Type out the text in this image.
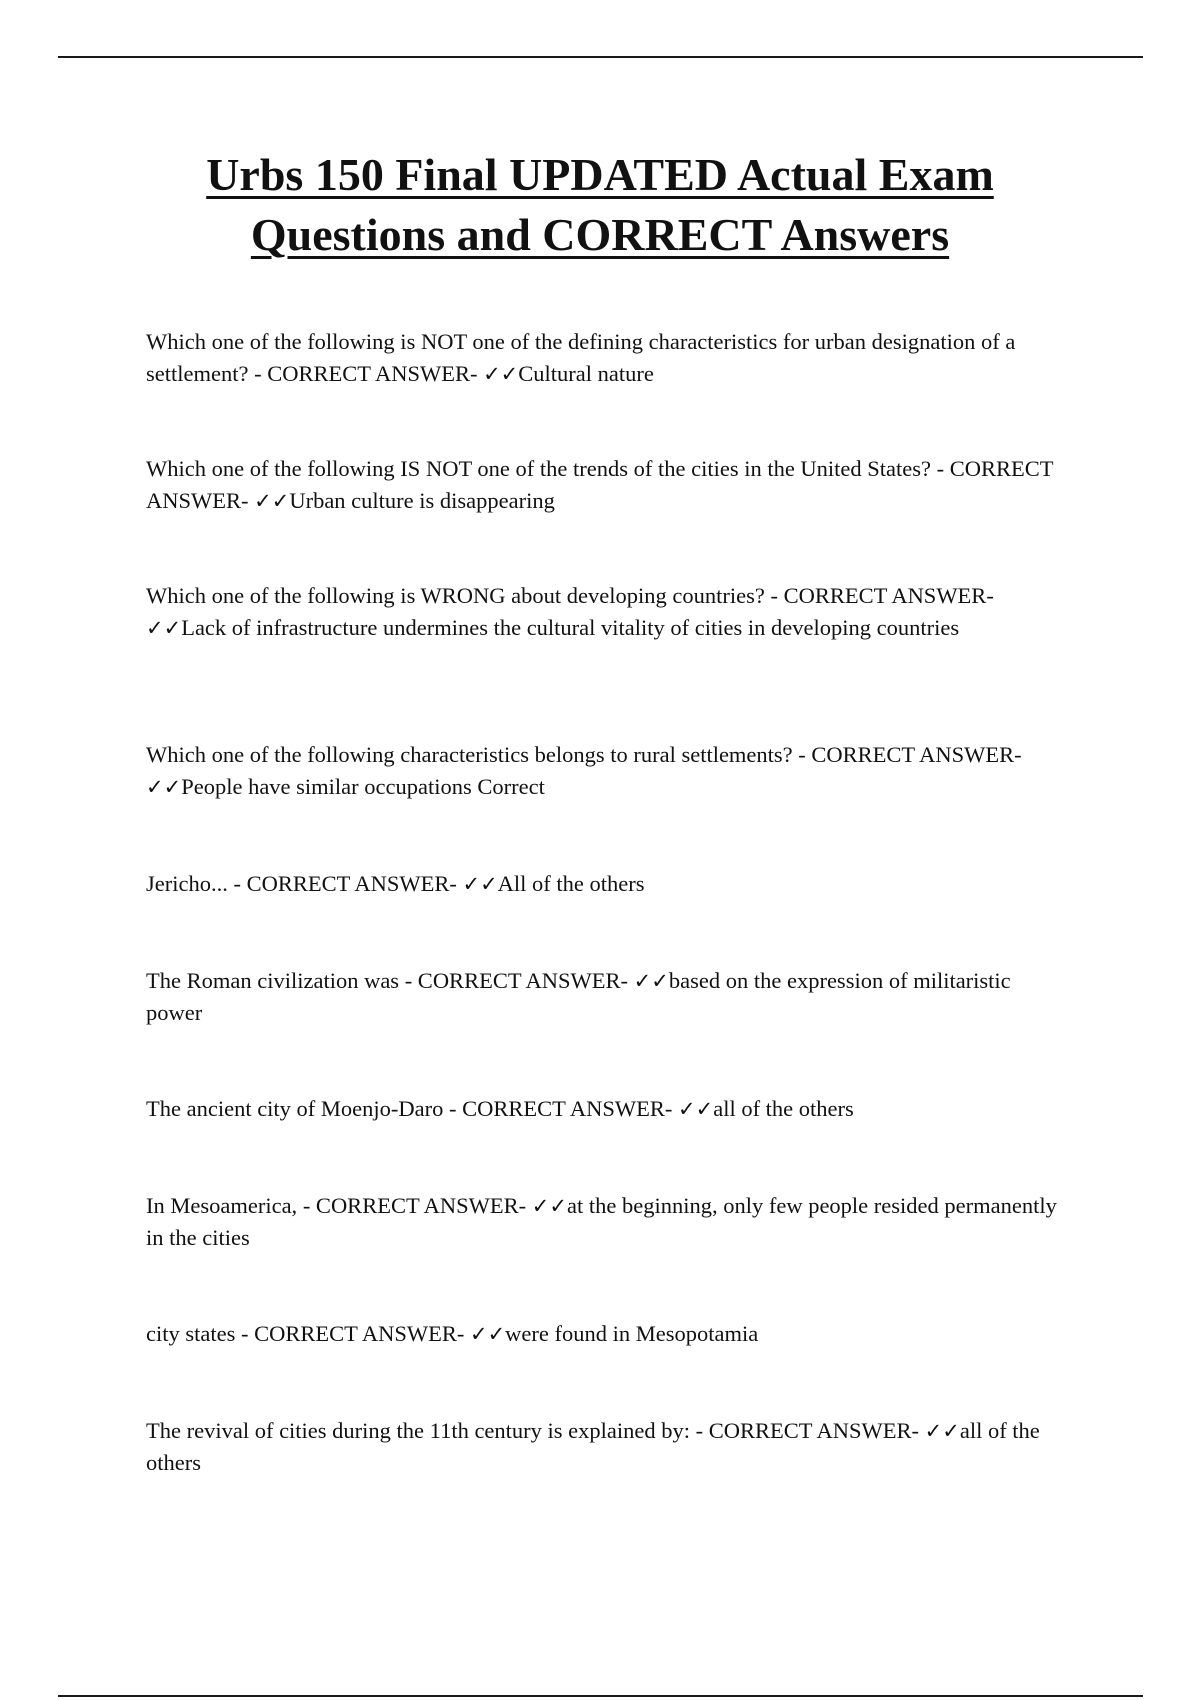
Urbs 150 Final UPDATED Actual Exam
Questions and CORRECT Answers

Which one of the following is NOT one of the defining characteristics for urban designation of a settlement? - CORRECT ANSWER- ✓✓Cultural nature

Which one of the following IS NOT one of the trends of the cities in the United States? - CORRECT ANSWER- ✓✓Urban culture is disappearing

Which one of the following is WRONG about developing countries? - CORRECT ANSWER- ✓✓Lack of infrastructure undermines the cultural vitality of cities in developing countries

Which one of the following characteristics belongs to rural settlements? - CORRECT ANSWER- ✓✓People have similar occupations Correct

Jericho... - CORRECT ANSWER- ✓✓All of the others

The Roman civilization was - CORRECT ANSWER- ✓✓based on the expression of militaristic power

The ancient city of Moenjo-Daro - CORRECT ANSWER- ✓✓all of the others

In Mesoamerica, - CORRECT ANSWER- ✓✓at the beginning, only few people resided permanently in the cities

city states - CORRECT ANSWER- ✓✓were found in Mesopotamia

The revival of cities during the 11th century is explained by: - CORRECT ANSWER- ✓✓all of the others
